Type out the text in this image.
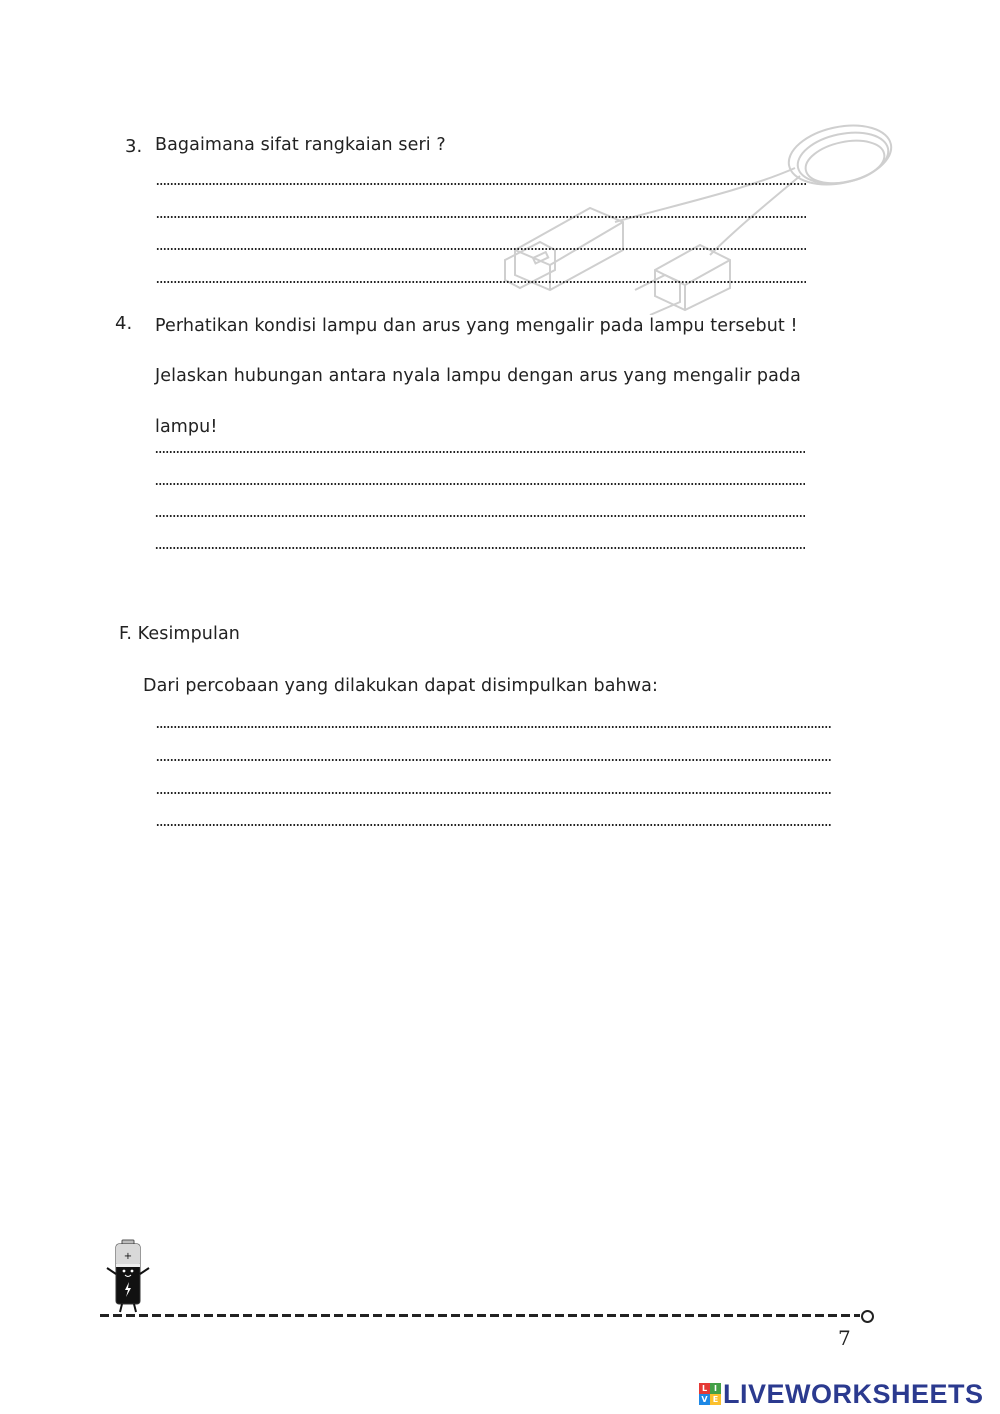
3. Bagaimana sifat rangkaian seri ?
4. Perhatikan kondisi lampu dan arus yang mengalir pada lampu tersebut !
Jelaskan hubungan antara nyala lampu dengan arus yang mengalir pada
lampu!
F. Kesimpulan
Dari percobaan yang dilakukan dapat disimpulkan bahwa:
+
7
L I
V E LIVEWORKSHEETS
